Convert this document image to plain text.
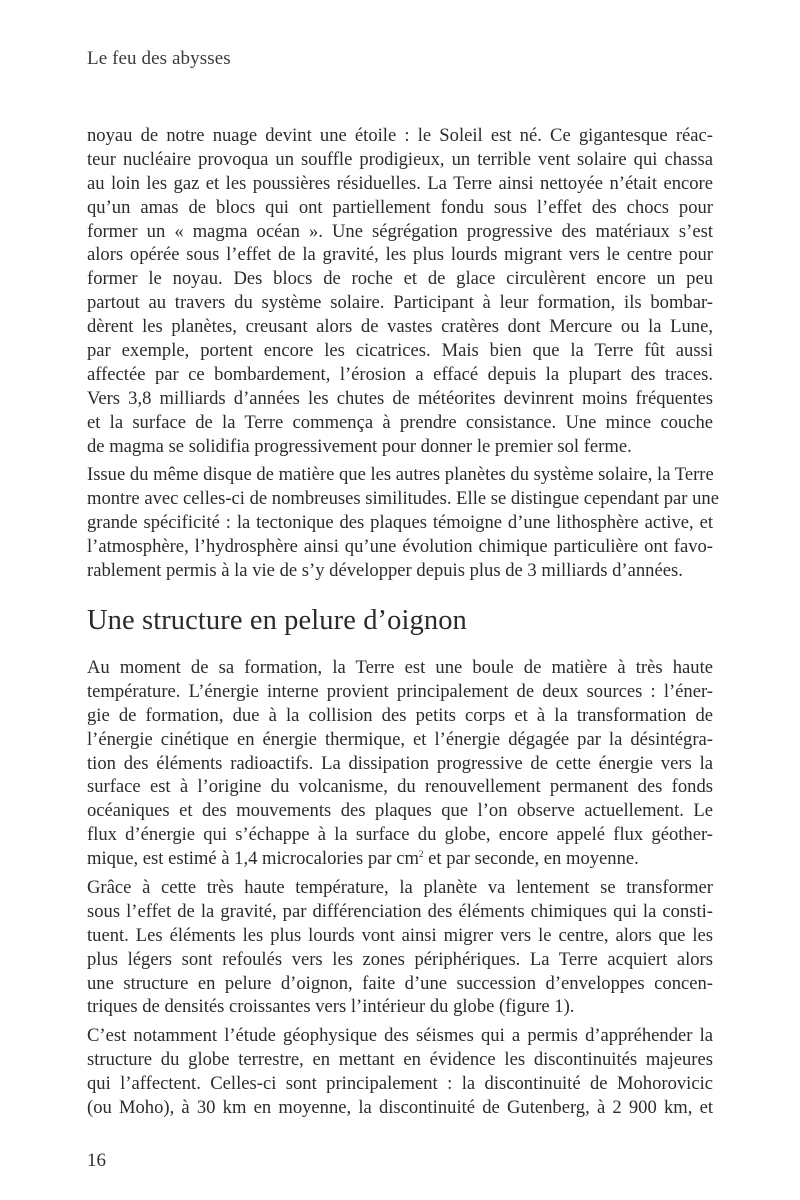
Le feu des abysses
noyau de notre nuage devint une étoile : le Soleil est né. Ce gigantesque réac-
teur nucléaire provoqua un souffle prodigieux, un terrible vent solaire qui chassa
au loin les gaz et les poussières résiduelles. La Terre ainsi nettoyée n’était encore
qu’un amas de blocs qui ont partiellement fondu sous l’effet des chocs pour
former un « magma océan ». Une ségrégation progressive des matériaux s’est
alors opérée sous l’effet de la gravité, les plus lourds migrant vers le centre pour
former le noyau. Des blocs de roche et de glace circulèrent encore un peu
partout au travers du système solaire. Participant à leur formation, ils bombar-
dèrent les planètes, creusant alors de vastes cratères dont Mercure ou la Lune,
par exemple, portent encore les cicatrices. Mais bien que la Terre fût aussi
affectée par ce bombardement, l’érosion a effacé depuis la plupart des traces.
Vers 3,8 milliards d’années les chutes de météorites devinrent moins fréquentes
et la surface de la Terre commença à prendre consistance. Une mince couche
de magma se solidifia progressivement pour donner le premier sol ferme.
Issue du même disque de matière que les autres planètes du système solaire, la Terre
montre avec celles-ci de nombreuses similitudes. Elle se distingue cependant par une
grande spécificité : la tectonique des plaques témoigne d’une lithosphère active, et
l’atmosphère, l’hydrosphère ainsi qu’une évolution chimique particulière ont favo-
rablement permis à la vie de s’y développer depuis plus de 3 milliards d’années.
Une structure en pelure d’oignon
Au moment de sa formation, la Terre est une boule de matière à très haute
température. L’énergie interne provient principalement de deux sources : l’éner-
gie de formation, due à la collision des petits corps et à la transformation de
l’énergie cinétique en énergie thermique, et l’énergie dégagée par la désintégra-
tion des éléments radioactifs. La dissipation progressive de cette énergie vers la
surface est à l’origine du volcanisme, du renouvellement permanent des fonds
océaniques et des mouvements des plaques que l’on observe actuellement. Le
flux d’énergie qui s’échappe à la surface du globe, encore appelé flux géother-
mique, est estimé à 1,4 microcalories par $cm^2$ et par seconde, en moyenne.
Grâce à cette très haute température, la planète va lentement se transformer
sous l’effet de la gravité, par différenciation des éléments chimiques qui la consti-
tuent. Les éléments les plus lourds vont ainsi migrer vers le centre, alors que les
plus légers sont refoulés vers les zones périphériques. La Terre acquiert alors
une structure en pelure d’oignon, faite d’une succession d’enveloppes concen-
triques de densités croissantes vers l’intérieur du globe (figure 1).
C’est notamment l’étude géophysique des séismes qui a permis d’appréhender la
structure du globe terrestre, en mettant en évidence les discontinuités majeures
qui l’affectent. Celles-ci sont principalement : la discontinuité de Mohorovicic
(ou Moho), à 30 km en moyenne, la discontinuité de Gutenberg, à 2 900 km, et
16
